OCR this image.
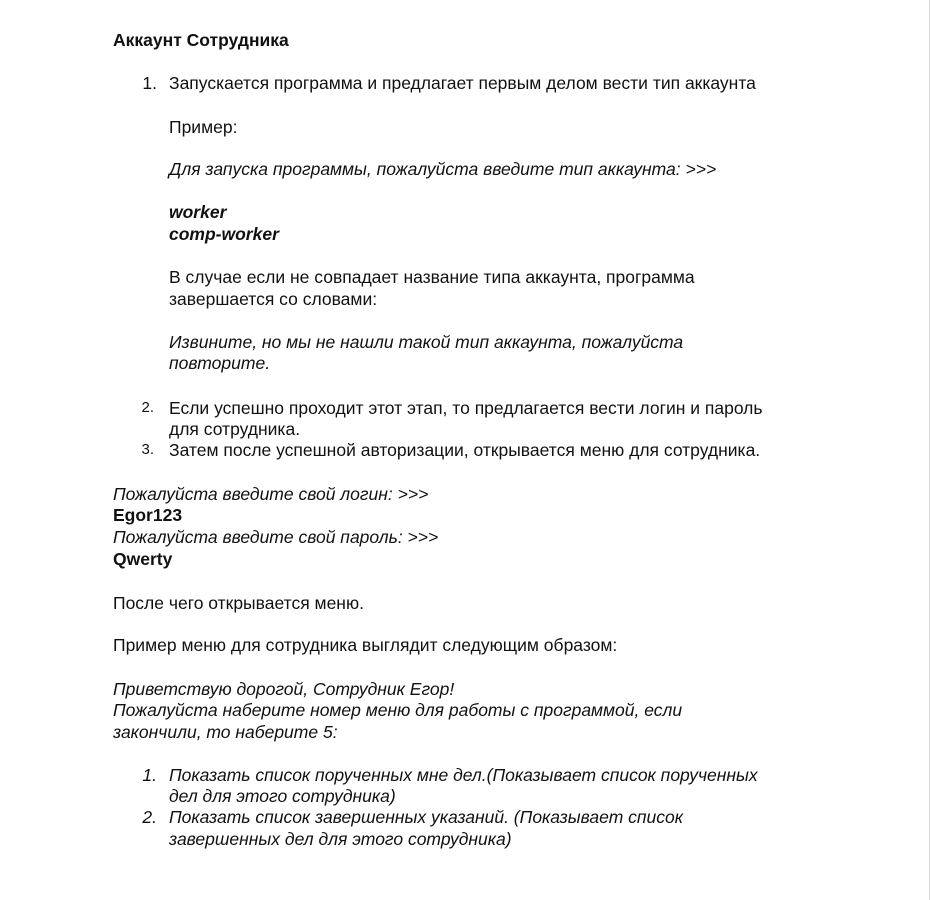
Аккаунт Сотрудника
1. Запускается программа и предлагает первым делом вести тип аккаунта
Пример:
Для запуска программы, пожалуйста введите тип аккаунта: >>>
worker
comp-worker
В случае если не совпадает название типа аккаунта, программа
завершается со словами:
Извините, но мы не нашли такой тип аккаунта, пожалуйста
повторите.
2. Если успешно проходит этот этап, то предлагается вести логин и пароль
для сотрудника.
3. Затем после успешной авторизации, открывается меню для сотрудника.
Пожалуйста введите свой логин: >>>
Egor123
Пожалуйста введите свой пароль: >>>
Qwerty
После чего открывается меню.
Пример меню для сотрудника выглядит следующим образом:
Приветствую дорогой, Сотрудник Егор!
Пожалуйста наберите номер меню для работы с программой, если
закончили, то наберите 5:
1. Показать список порученных мне дел.(Показывает список порученных
дел для этого сотрудника)
2. Показать список завершенных указаний. (Показывает список
завершенных дел для этого сотрудника)
